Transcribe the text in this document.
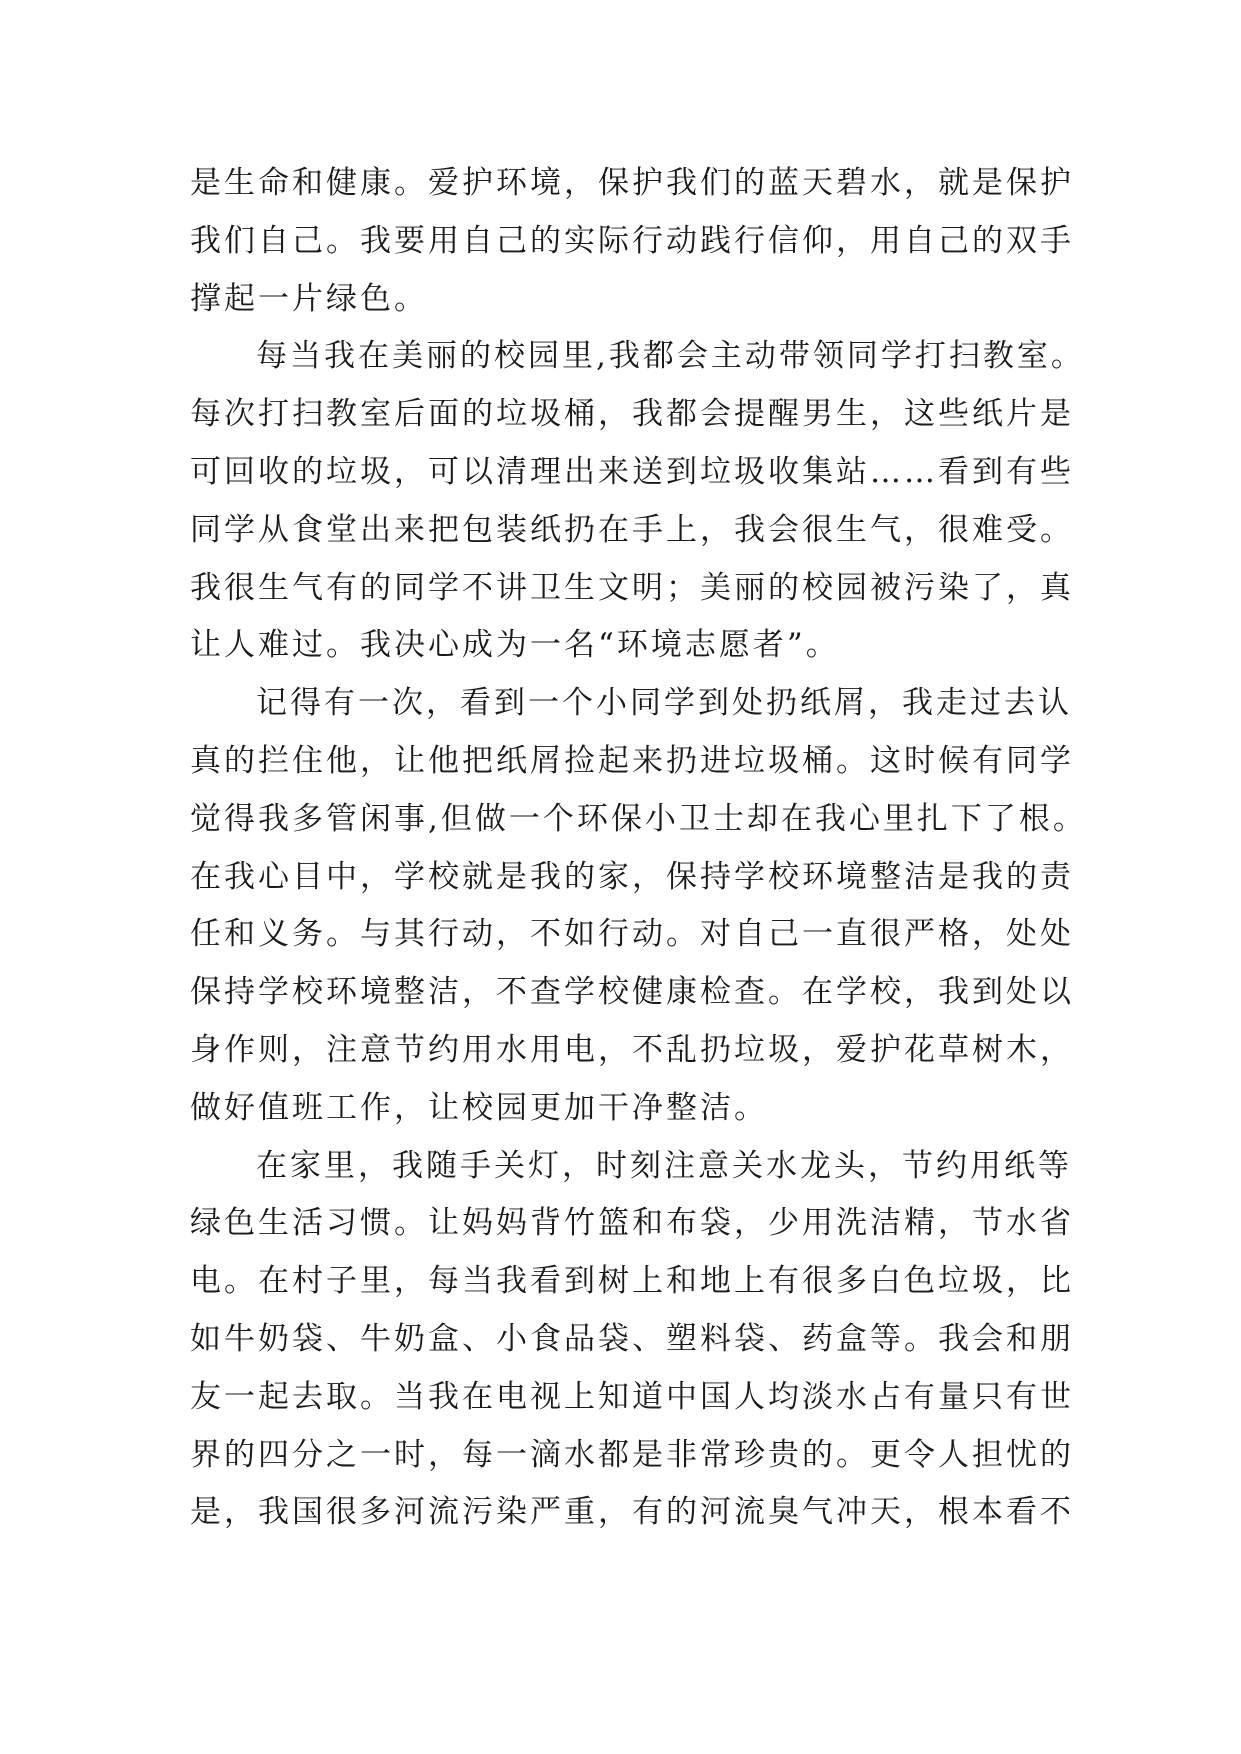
是生命和健康。爱护环境，保护我们的蓝天碧水，就是保护
我们自己。我要用自己的实际行动践行信仰，用自己的双手
撑起一片绿色。
每当我在美丽的校园里,我都会主动带领同学打扫教室。
每次打扫教室后面的垃圾桶，我都会提醒男生，这些纸片是
可回收的垃圾，可以清理出来送到垃圾收集站……看到有些
同学从食堂出来把包装纸扔在手上，我会很生气，很难受。
我很生气有的同学不讲卫生文明；美丽的校园被污染了，真
让人难过。我决心成为一名“环境志愿者”。
记得有一次，看到一个小同学到处扔纸屑，我走过去认
真的拦住他，让他把纸屑捡起来扔进垃圾桶。这时候有同学
觉得我多管闲事,但做一个环保小卫士却在我心里扎下了根。
在我心目中，学校就是我的家，保持学校环境整洁是我的责
任和义务。与其行动，不如行动。对自己一直很严格，处处
保持学校环境整洁，不查学校健康检查。在学校，我到处以
身作则，注意节约用水用电，不乱扔垃圾，爱护花草树木，
做好值班工作，让校园更加干净整洁。
在家里，我随手关灯，时刻注意关水龙头，节约用纸等
绿色生活习惯。让妈妈背竹篮和布袋，少用洗洁精，节水省
电。在村子里，每当我看到树上和地上有很多白色垃圾，比
如牛奶袋、牛奶盒、小食品袋、塑料袋、药盒等。我会和朋
友一起去取。当我在电视上知道中国人均淡水占有量只有世
界的四分之一时，每一滴水都是非常珍贵的。更令人担忧的
是，我国很多河流污染严重，有的河流臭气冲天，根本看不
